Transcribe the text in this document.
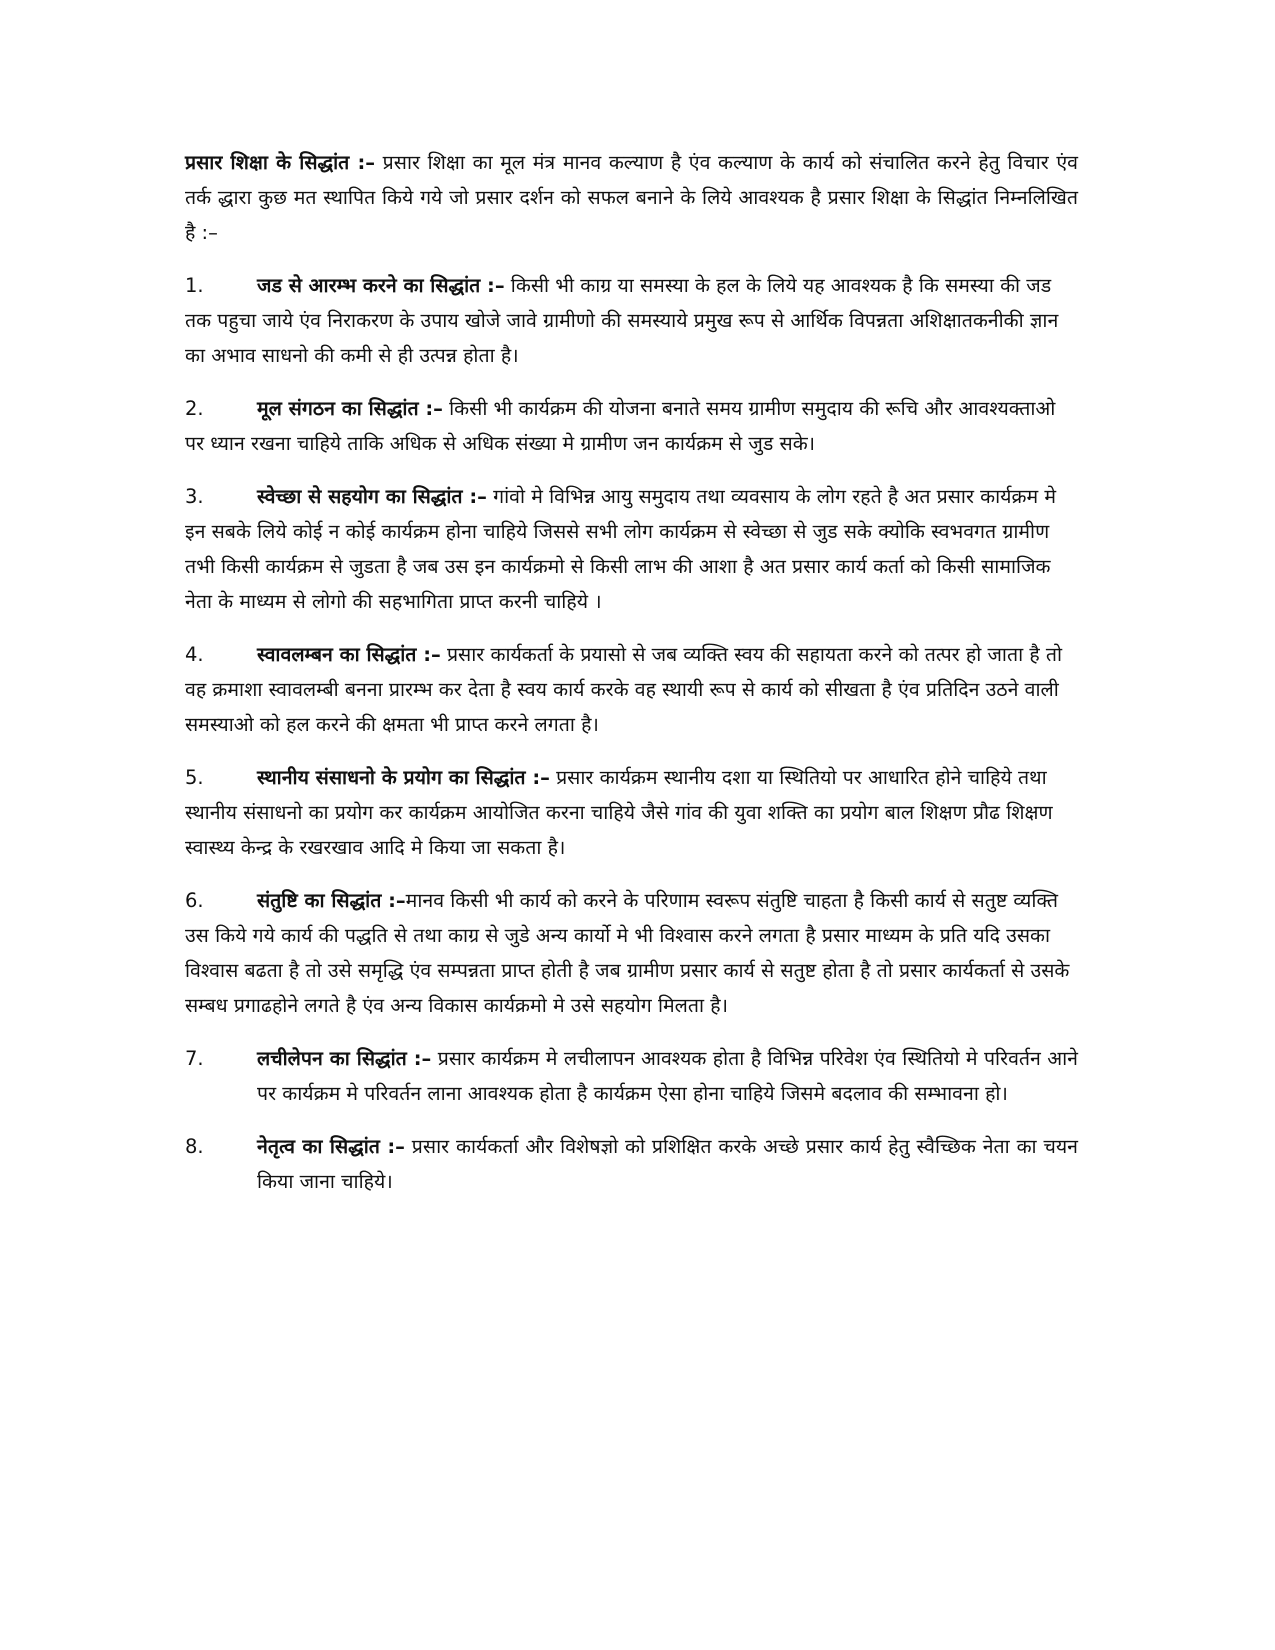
प्रसार शिक्षा के सिद्धांत :– प्रसार शिक्षा का मूल मंत्र मानव कल्याण है एंव कल्याण के कार्य को संचालित करने हेतु विचार एंव तर्क द्धारा कुछ मत स्थापित किये गये जो प्रसार दर्शन को सफल बनाने के लिये आवश्यक है प्रसार शिक्षा के सिद्धांत निम्नलिखित है :–

1.	जड से आरम्भ करने का सिद्धांत :– किसी भी काग्र या समस्या के हल के लिये यह आवश्यक है कि समस्या की जड तक पहुचा जाये एंव निराकरण के उपाय खोजे जावे ग्रामीणो की समस्याये प्रमुख रूप से आर्थिक विपन्नता अशिक्षातकनीकी ज्ञान का अभाव साधनो की कमी से ही उत्पन्न होता है।
2.	मूल संगठन का सिद्धांत :– किसी भी कार्यक्रम की योजना बनाते समय ग्रामीण समुदाय की रूचि और आवश्यक्ताओ पर ध्यान रखना चाहिये ताकि अधिक से अधिक संख्या मे ग्रामीण जन कार्यक्रम से जुड सके।
3.	स्वेच्छा से सहयोग का सिद्धांत :– गांवो मे विभिन्न आयु समुदाय तथा व्यवसाय के लोग रहते है अत प्रसार कार्यक्रम मे इन सबके लिये कोई न कोई कार्यक्रम होना चाहिये जिससे सभी लोग कार्यक्रम से स्वेच्छा से जुड सके क्योकि स्वभवगत ग्रामीण तभी किसी कार्यक्रम से जुडता है जब उस इन कार्यक्रमो से किसी लाभ की आशा है अत प्रसार कार्य कर्ता को किसी सामाजिक नेता के माध्यम से लोगो की सहभागिता प्राप्त करनी चाहिये ।
4.	स्वावलम्बन का सिद्धांत :– प्रसार कार्यकर्ता के प्रयासो से जब व्यक्ति स्वय की सहायता करने को तत्पर हो जाता है तो वह क्रमाशा स्वावलम्बी बनना प्रारम्भ कर देता है स्वय कार्य करके वह स्थायी रूप से कार्य को सीखता है एंव प्रतिदिन उठने वाली समस्याओ को हल करने की क्षमता भी प्राप्त करने लगता है।
5.	स्थानीय संसाधनो के प्रयोग का सिद्धांत :– प्रसार कार्यक्रम स्थानीय दशा या स्थितियो पर आधारित होने चाहिये तथा स्थानीय संसाधनो का प्रयोग कर कार्यक्रम आयोजित करना चाहिये जैसे गांव की युवा शक्ति का प्रयोग बाल शिक्षण प्रौढ शिक्षण स्वास्थ्य केन्द्र के रखरखाव आदि मे किया जा सकता है।
6.	संतुष्टि का सिद्धांत :–मानव किसी भी कार्य को करने के परिणाम स्वरूप संतुष्टि चाहता है किसी कार्य से सतुष्ट व्यक्ति उस किये गये कार्य की पद्धति से तथा काग्र से जुडे अन्य कार्यो मे भी विश्वास करने लगता है प्रसार माध्यम के प्रति यदि उसका विश्वास बढता है तो उसे समृद्धि एंव सम्पन्नता प्राप्त होती है जब ग्रामीण प्रसार कार्य से सतुष्ट होता है तो प्रसार कार्यकर्ता से उसके सम्बध प्रगाढहोने लगते है एंव अन्य विकास कार्यक्रमो मे उसे सहयोग मिलता है।
7.	लचीलेपन का सिद्धांत :– प्रसार कार्यक्रम मे लचीलापन आवश्यक होता है विभिन्न परिवेश एंव स्थितियो मे परिवर्तन आने पर कार्यक्रम मे परिवर्तन लाना आवश्यक होता है कार्यक्रम ऐसा होना चाहिये जिसमे बदलाव की सम्भावना हो।
8.	नेतृत्व का सिद्धांत :– प्रसार कार्यकर्ता और विशेषज्ञो को प्रशिक्षित करके अच्छे प्रसार कार्य हेतु स्वैच्छिक नेता का चयन किया जाना चाहिये।
